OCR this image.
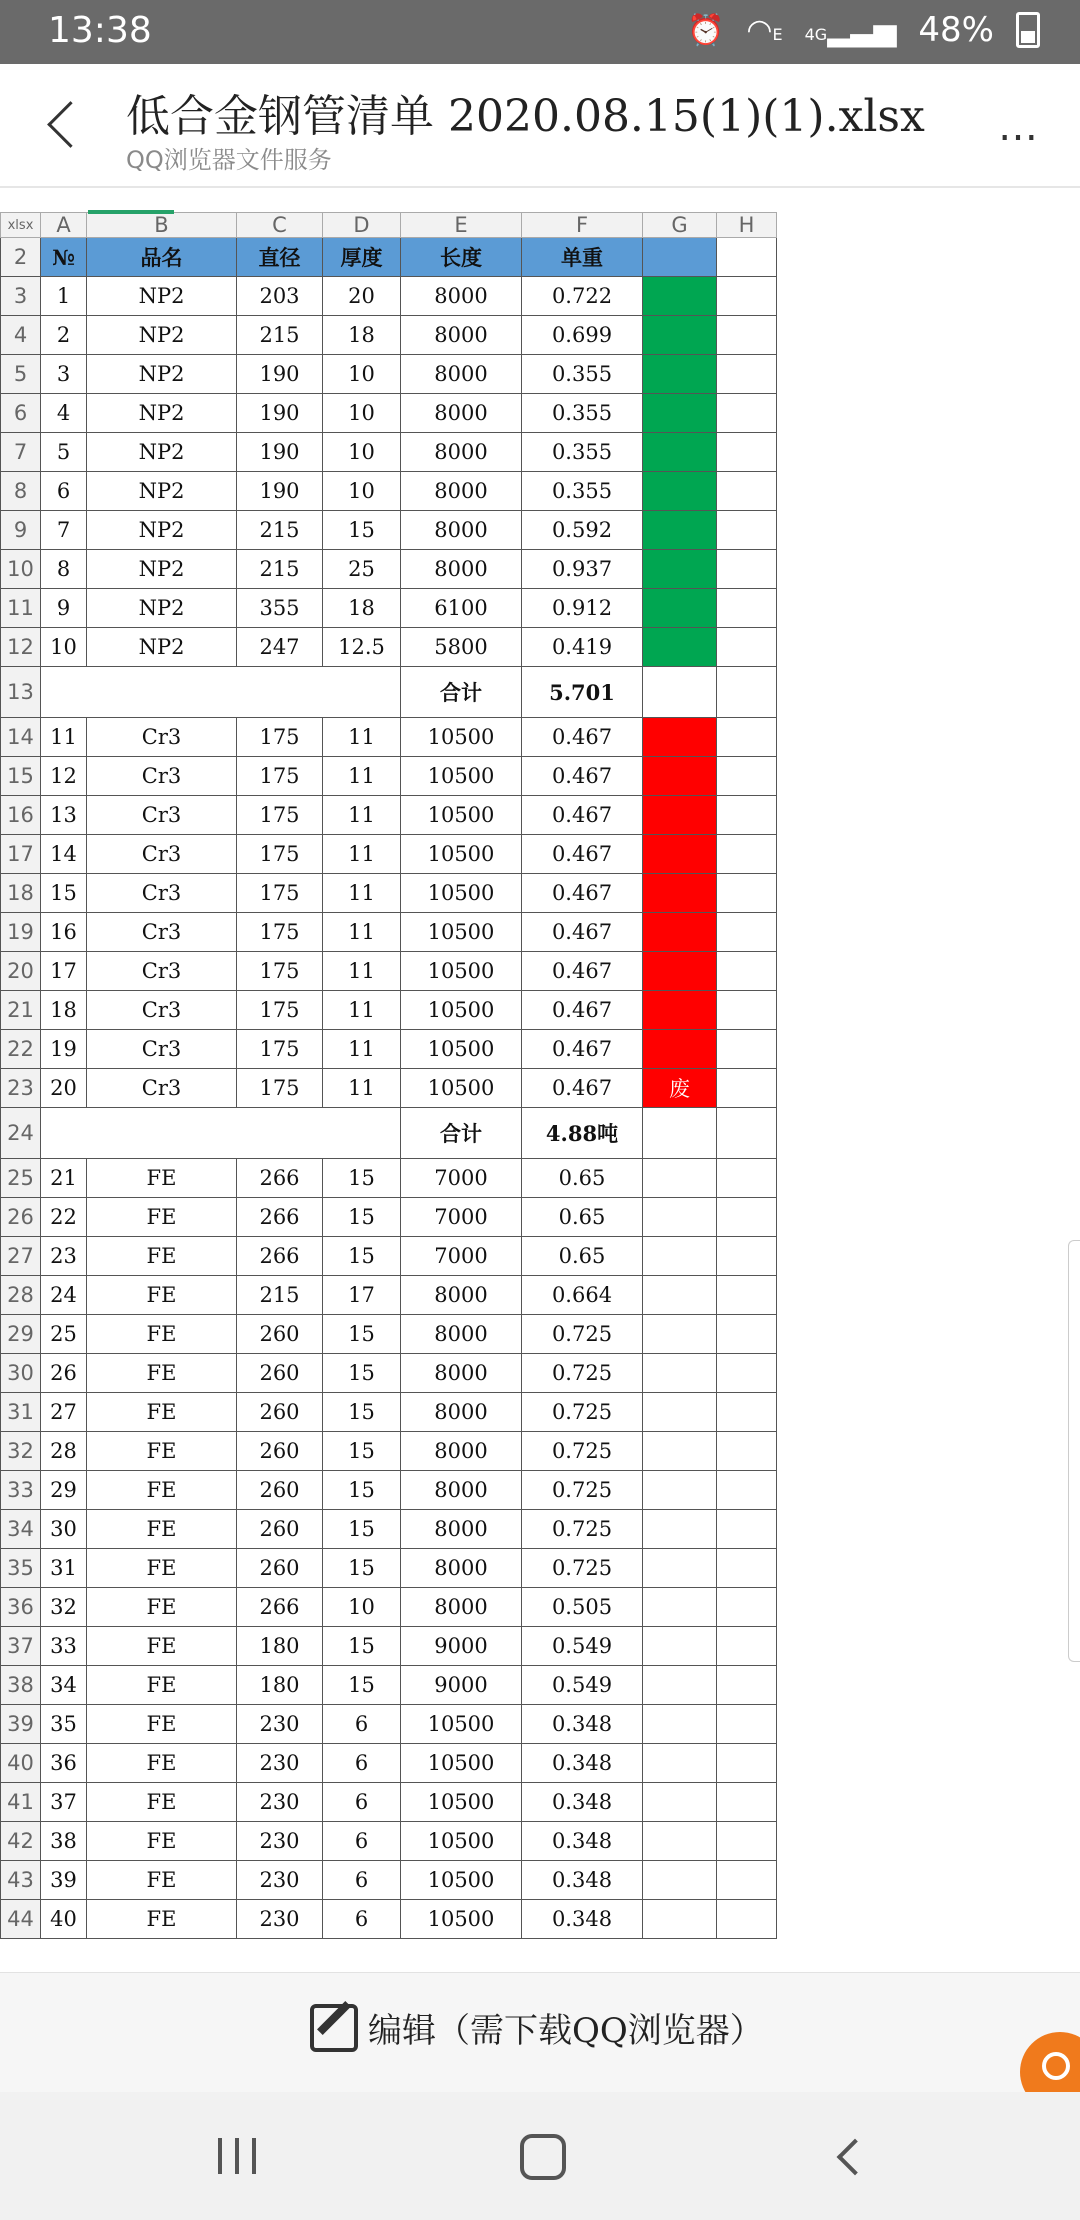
13:38	⏰ ◠E 4G▂▃▅ 48%
低合金钢管清单 2020.08.15(1)(1).xlsx
QQ浏览器文件服务	⋯
xlsx	A	B	C	D	E	F	G	H
2	№	品名	直径	厚度	长度	单重		
3	1	NP2	203	20	8000	0.722		
4	2	NP2	215	18	8000	0.699		
5	3	NP2	190	10	8000	0.355		
6	4	NP2	190	10	8000	0.355		
7	5	NP2	190	10	8000	0.355		
8	6	NP2	190	10	8000	0.355		
9	7	NP2	215	15	8000	0.592		
10	8	NP2	215	25	8000	0.937		
11	9	NP2	355	18	6100	0.912		
12	10	NP2	247	12.5	5800	0.419		
13					合计	5.701		
14	11	Cr3	175	11	10500	0.467		
15	12	Cr3	175	11	10500	0.467		
16	13	Cr3	175	11	10500	0.467		
17	14	Cr3	175	11	10500	0.467		
18	15	Cr3	175	11	10500	0.467		
19	16	Cr3	175	11	10500	0.467		
20	17	Cr3	175	11	10500	0.467		
21	18	Cr3	175	11	10500	0.467		
22	19	Cr3	175	11	10500	0.467		
23	20	Cr3	175	11	10500	0.467	废	
24					合计	4.88吨		
25	21	FE	266	15	7000	0.65		
26	22	FE	266	15	7000	0.65		
27	23	FE	266	15	7000	0.65		
28	24	FE	215	17	8000	0.664		
29	25	FE	260	15	8000	0.725		
30	26	FE	260	15	8000	0.725		
31	27	FE	260	15	8000	0.725		
32	28	FE	260	15	8000	0.725		
33	29	FE	260	15	8000	0.725		
34	30	FE	260	15	8000	0.725		
35	31	FE	260	15	8000	0.725		
36	32	FE	266	10	8000	0.505		
37	33	FE	180	15	9000	0.549		
38	34	FE	180	15	9000	0.549		
39	35	FE	230	6	10500	0.348		
40	36	FE	230	6	10500	0.348		
41	37	FE	230	6	10500	0.348		
42	38	FE	230	6	10500	0.348		
43	39	FE	230	6	10500	0.348		
44	40	FE	230	6	10500	0.348		
编辑（需下载QQ浏览器）
